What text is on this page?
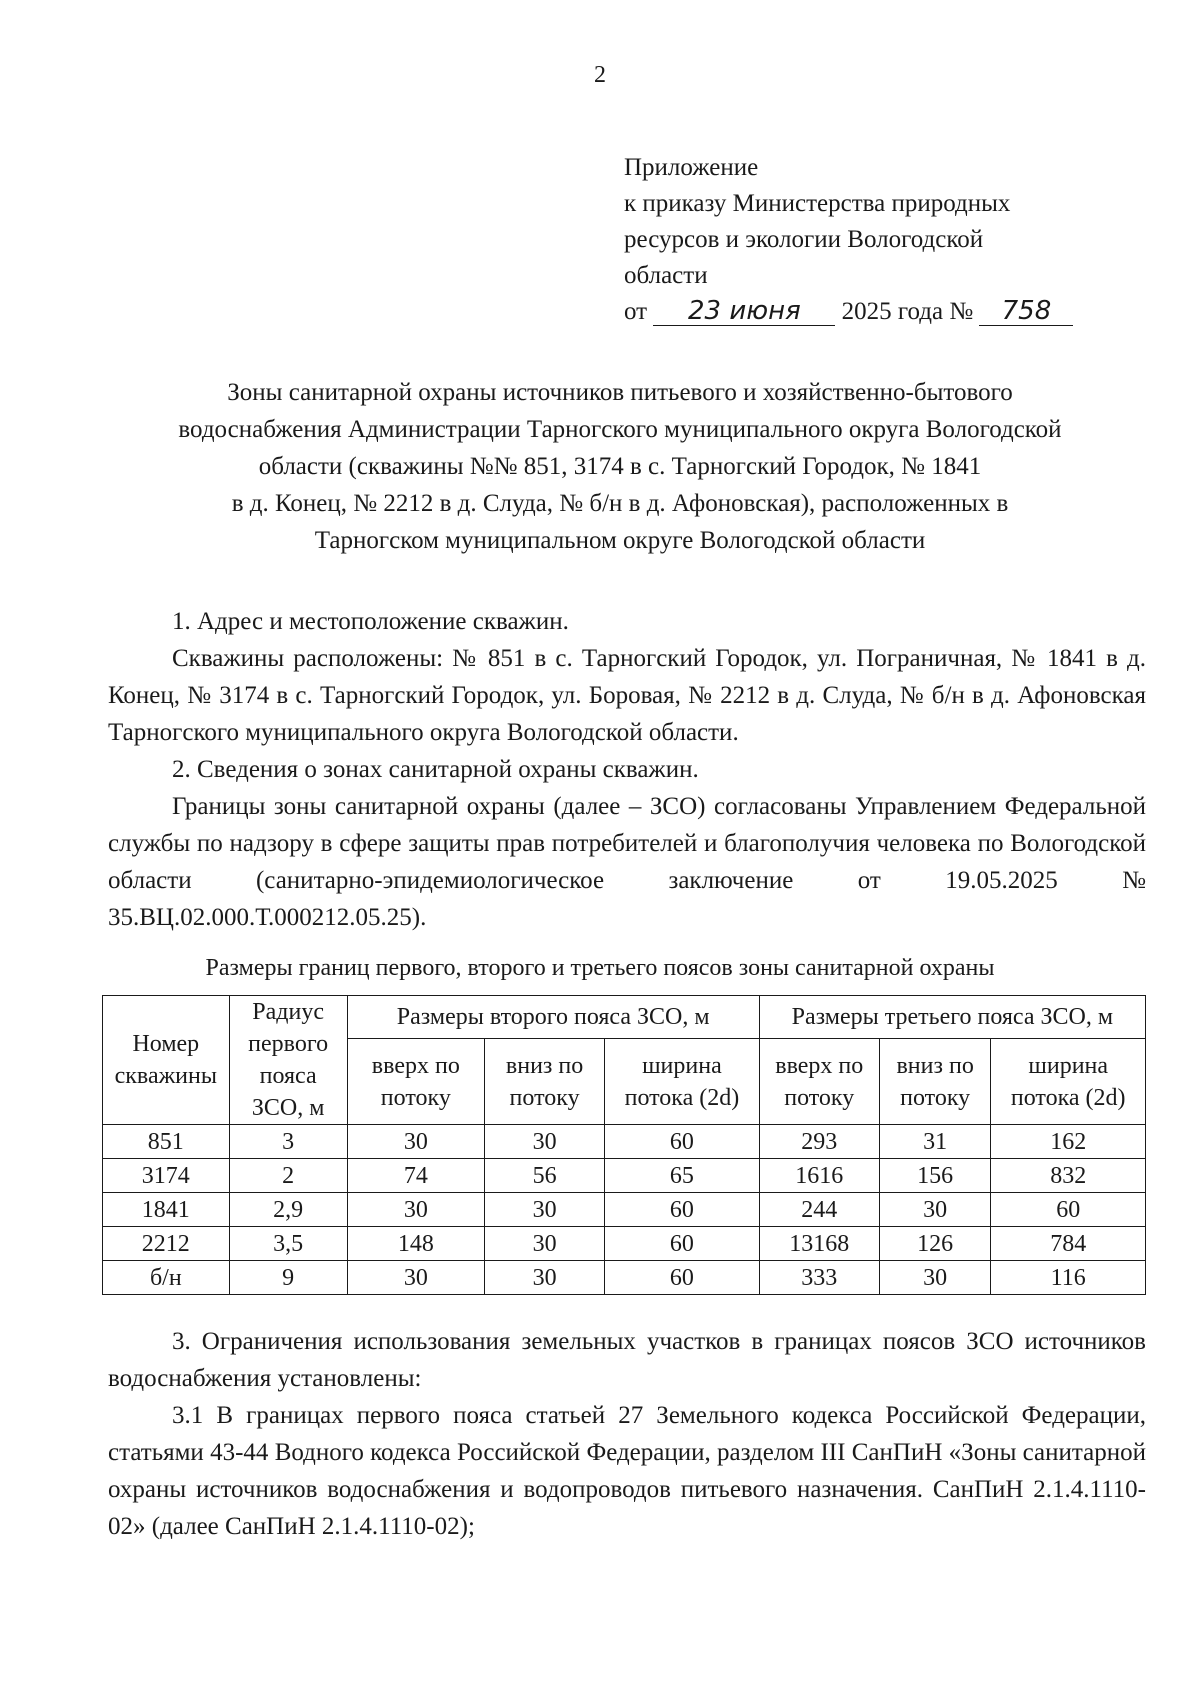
2
Приложение
к приказу Министерства природных
ресурсов и экологии Вологодской
области
от 23 июня 2025 года № 758
Зоны санитарной охраны источников питьевого и хозяйственно-бытового
водоснабжения Администрации Тарногского муниципального округа Вологодской
области (скважины №№ 851, 3174 в с. Тарногский Городок, № 1841
в д. Конец, № 2212 в д. Слуда, № б/н в д. Афоновская), расположенных в
Тарногском муниципальном округе Вологодской области
1. Адрес и местоположение скважин.
Скважины расположены: № 851 в с. Тарногский Городок, ул. Пограничная, № 1841 в д. Конец, № 3174 в с. Тарногский Городок, ул. Боровая, № 2212 в д. Слуда, № б/н в д. Афоновская Тарногского муниципального округа Вологодской области.
2. Сведения о зонах санитарной охраны скважин.
Границы зоны санитарной охраны (далее – ЗСО) согласованы Управлением Федеральной службы по надзору в сфере защиты прав потребителей и благополучия человека по Вологодской области (санитарно-эпидемиологическое заключение от 19.05.2025 № 35.ВЦ.02.000.Т.000212.05.25).
Размеры границ первого, второго и третьего поясов зоны санитарной охраны
Номер скважины	Радиус первого пояса ЗСО, м	Размеры второго пояса ЗСО, м			Размеры третьего пояса ЗСО, м		
		вверх по потоку	вниз по потоку	ширина потока (2d)	вверх по потоку	вниз по потоку	ширина потока (2d)
851	3	30	30	60	293	31	162
3174	2	74	56	65	1616	156	832
1841	2,9	30	30	60	244	30	60
2212	3,5	148	30	60	13168	126	784
б/н	9	30	30	60	333	30	116
3. Ограничения использования земельных участков в границах поясов ЗСО источников водоснабжения установлены:
3.1 В границах первого пояса статьей 27 Земельного кодекса Российской Федерации, статьями 43-44 Водного кодекса Российской Федерации, разделом III СанПиН «Зоны санитарной охраны источников водоснабжения и водопроводов питьевого назначения. СанПиН 2.1.4.1110-02» (далее СанПиН 2.1.4.1110-02);
